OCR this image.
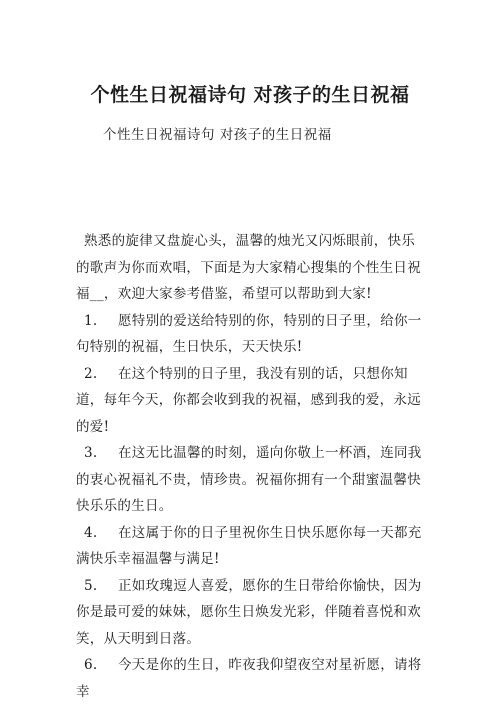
个性生日祝福诗句 对孩子的生日祝福
个性生日祝福诗句 对孩子的生日祝福

熟悉的旋律又盘旋心头，温馨的烛光又闪烁眼前，快乐的歌声为你而欢唱，下面是为大家精心搜集的个性生日祝福__，欢迎大家参考借鉴，希望可以帮助到大家!

1. 愿特别的爱送给特别的你，特别的日子里，给你一句特别的祝福，生日快乐，天天快乐!

2. 在这个特别的日子里，我没有别的话，只想你知道，每年今天，你都会收到我的祝福，感到我的爱，永远的爱!

3. 在这无比温馨的时刻，遥向你敬上一杯酒，连同我的衷心祝福礼不贵，情珍贵。祝福你拥有一个甜蜜温馨快快乐乐的生日。

4. 在这属于你的日子里祝你生日快乐愿你每一天都充满快乐幸福温馨与满足!

5. 正如玫瑰逗人喜爱，愿你的生日带给你愉快，因为你是最可爱的妹妹，愿你生日焕发光彩，伴随着喜悦和欢笑，从天明到日落。

6. 今天是你的生日，昨夜我仰望夜空对星祈愿，请将幸
